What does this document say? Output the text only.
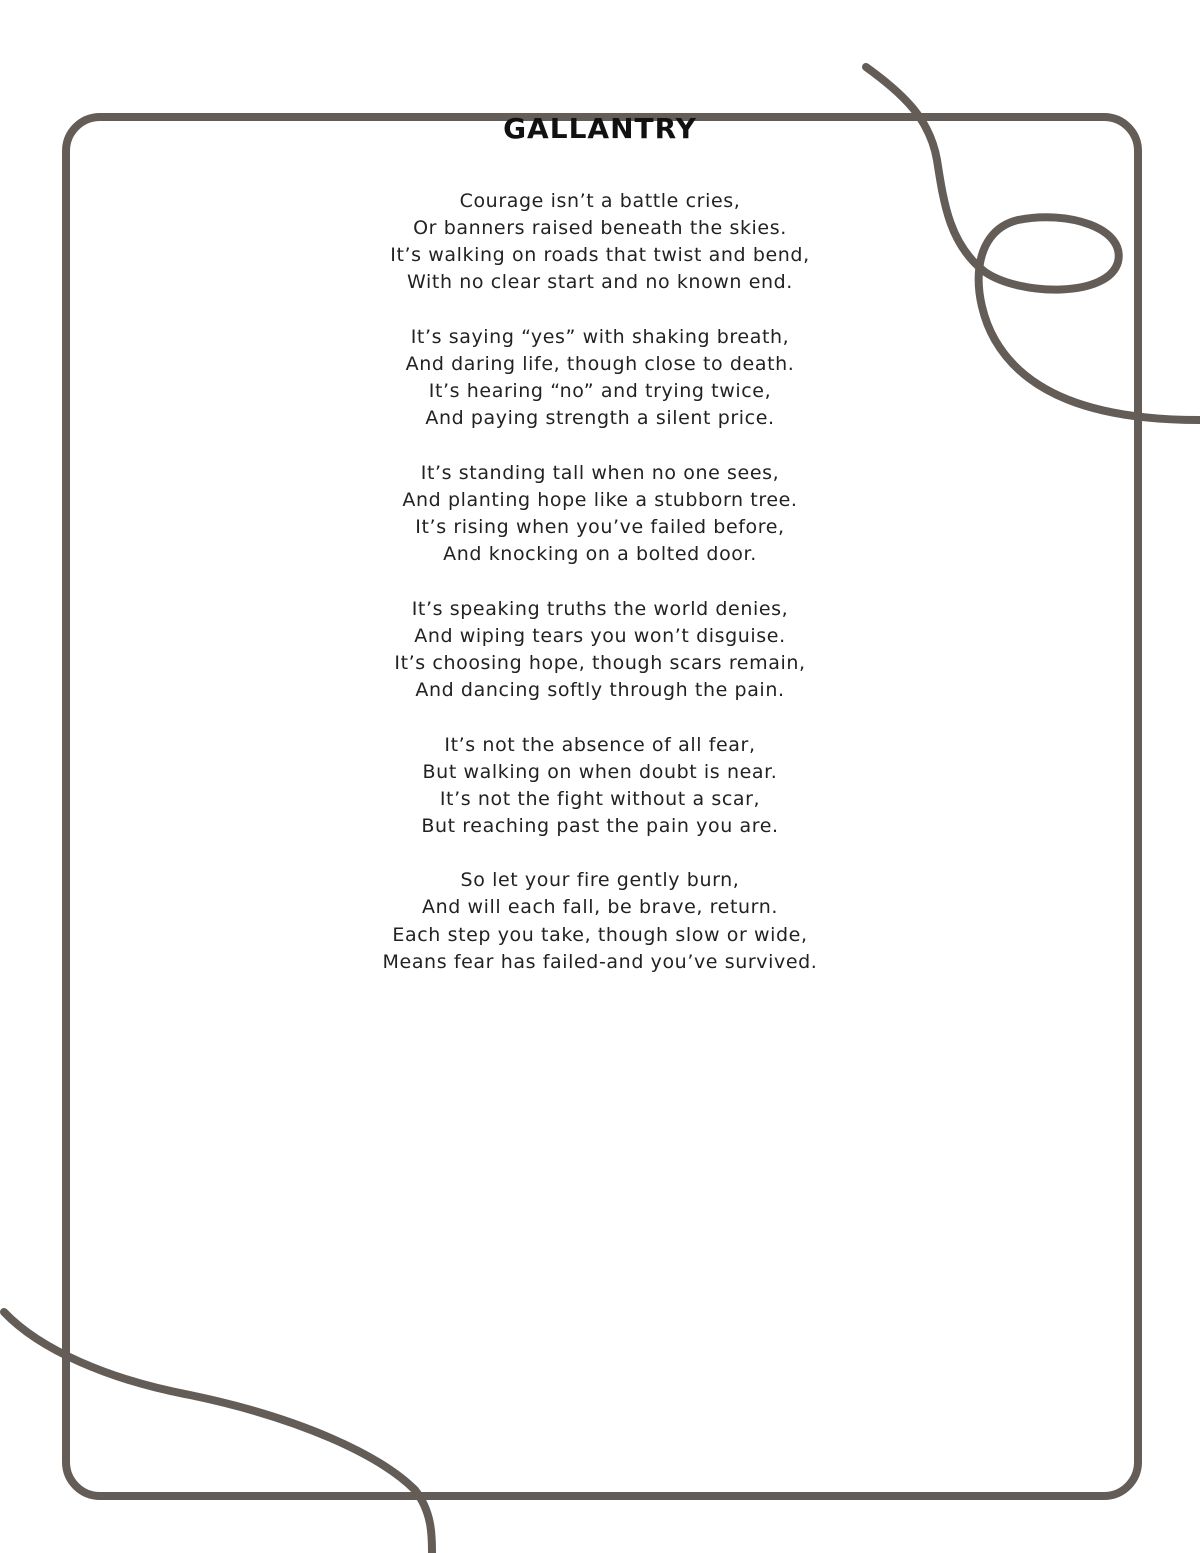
GALLANTRY
Courage isn’t a battle cries,
Or banners raised beneath the skies.
It’s walking on roads that twist and bend,
With no clear start and no known end.
It’s saying “yes” with shaking breath,
And daring life, though close to death.
It’s hearing “no” and trying twice,
And paying strength a silent price.
It’s standing tall when no one sees,
And planting hope like a stubborn tree.
It’s rising when you’ve failed before,
And knocking on a bolted door.
It’s speaking truths the world denies,
And wiping tears you won’t disguise.
It’s choosing hope, though scars remain,
And dancing softly through the pain.
It’s not the absence of all fear,
But walking on when doubt is near.
It’s not the fight without a scar,
But reaching past the pain you are.
So let your fire gently burn,
And will each fall, be brave, return.
Each step you take, though slow or wide,
Means fear has failed-and you’ve survived.
